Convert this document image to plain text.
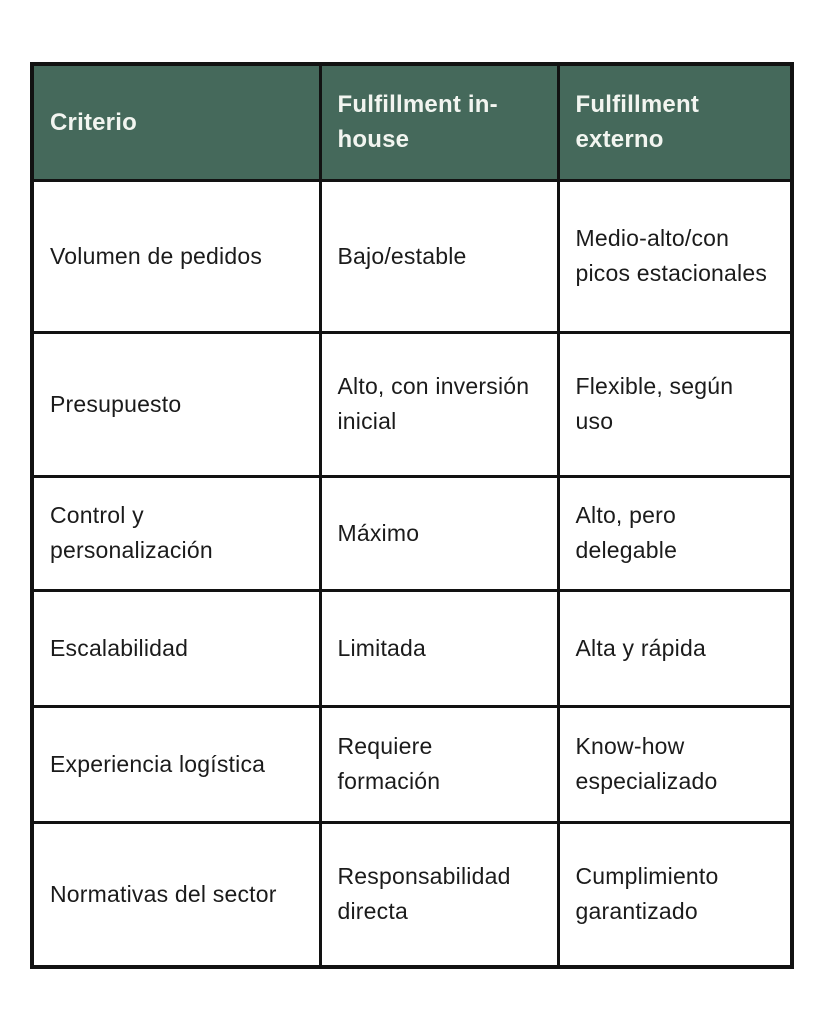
Criterio	Fulfillment in-house	Fulfillment externo
Volumen de pedidos	Bajo/estable	Medio-alto/con picos estacionales
Presupuesto	Alto, con inversión inicial	Flexible, según uso
Control y personalización	Máximo	Alto, pero delegable
Escalabilidad	Limitada	Alta y rápida
Experiencia logística	Requiere formación	Know-how especializado
Normativas del sector	Responsabilidad directa	Cumplimiento garantizado
